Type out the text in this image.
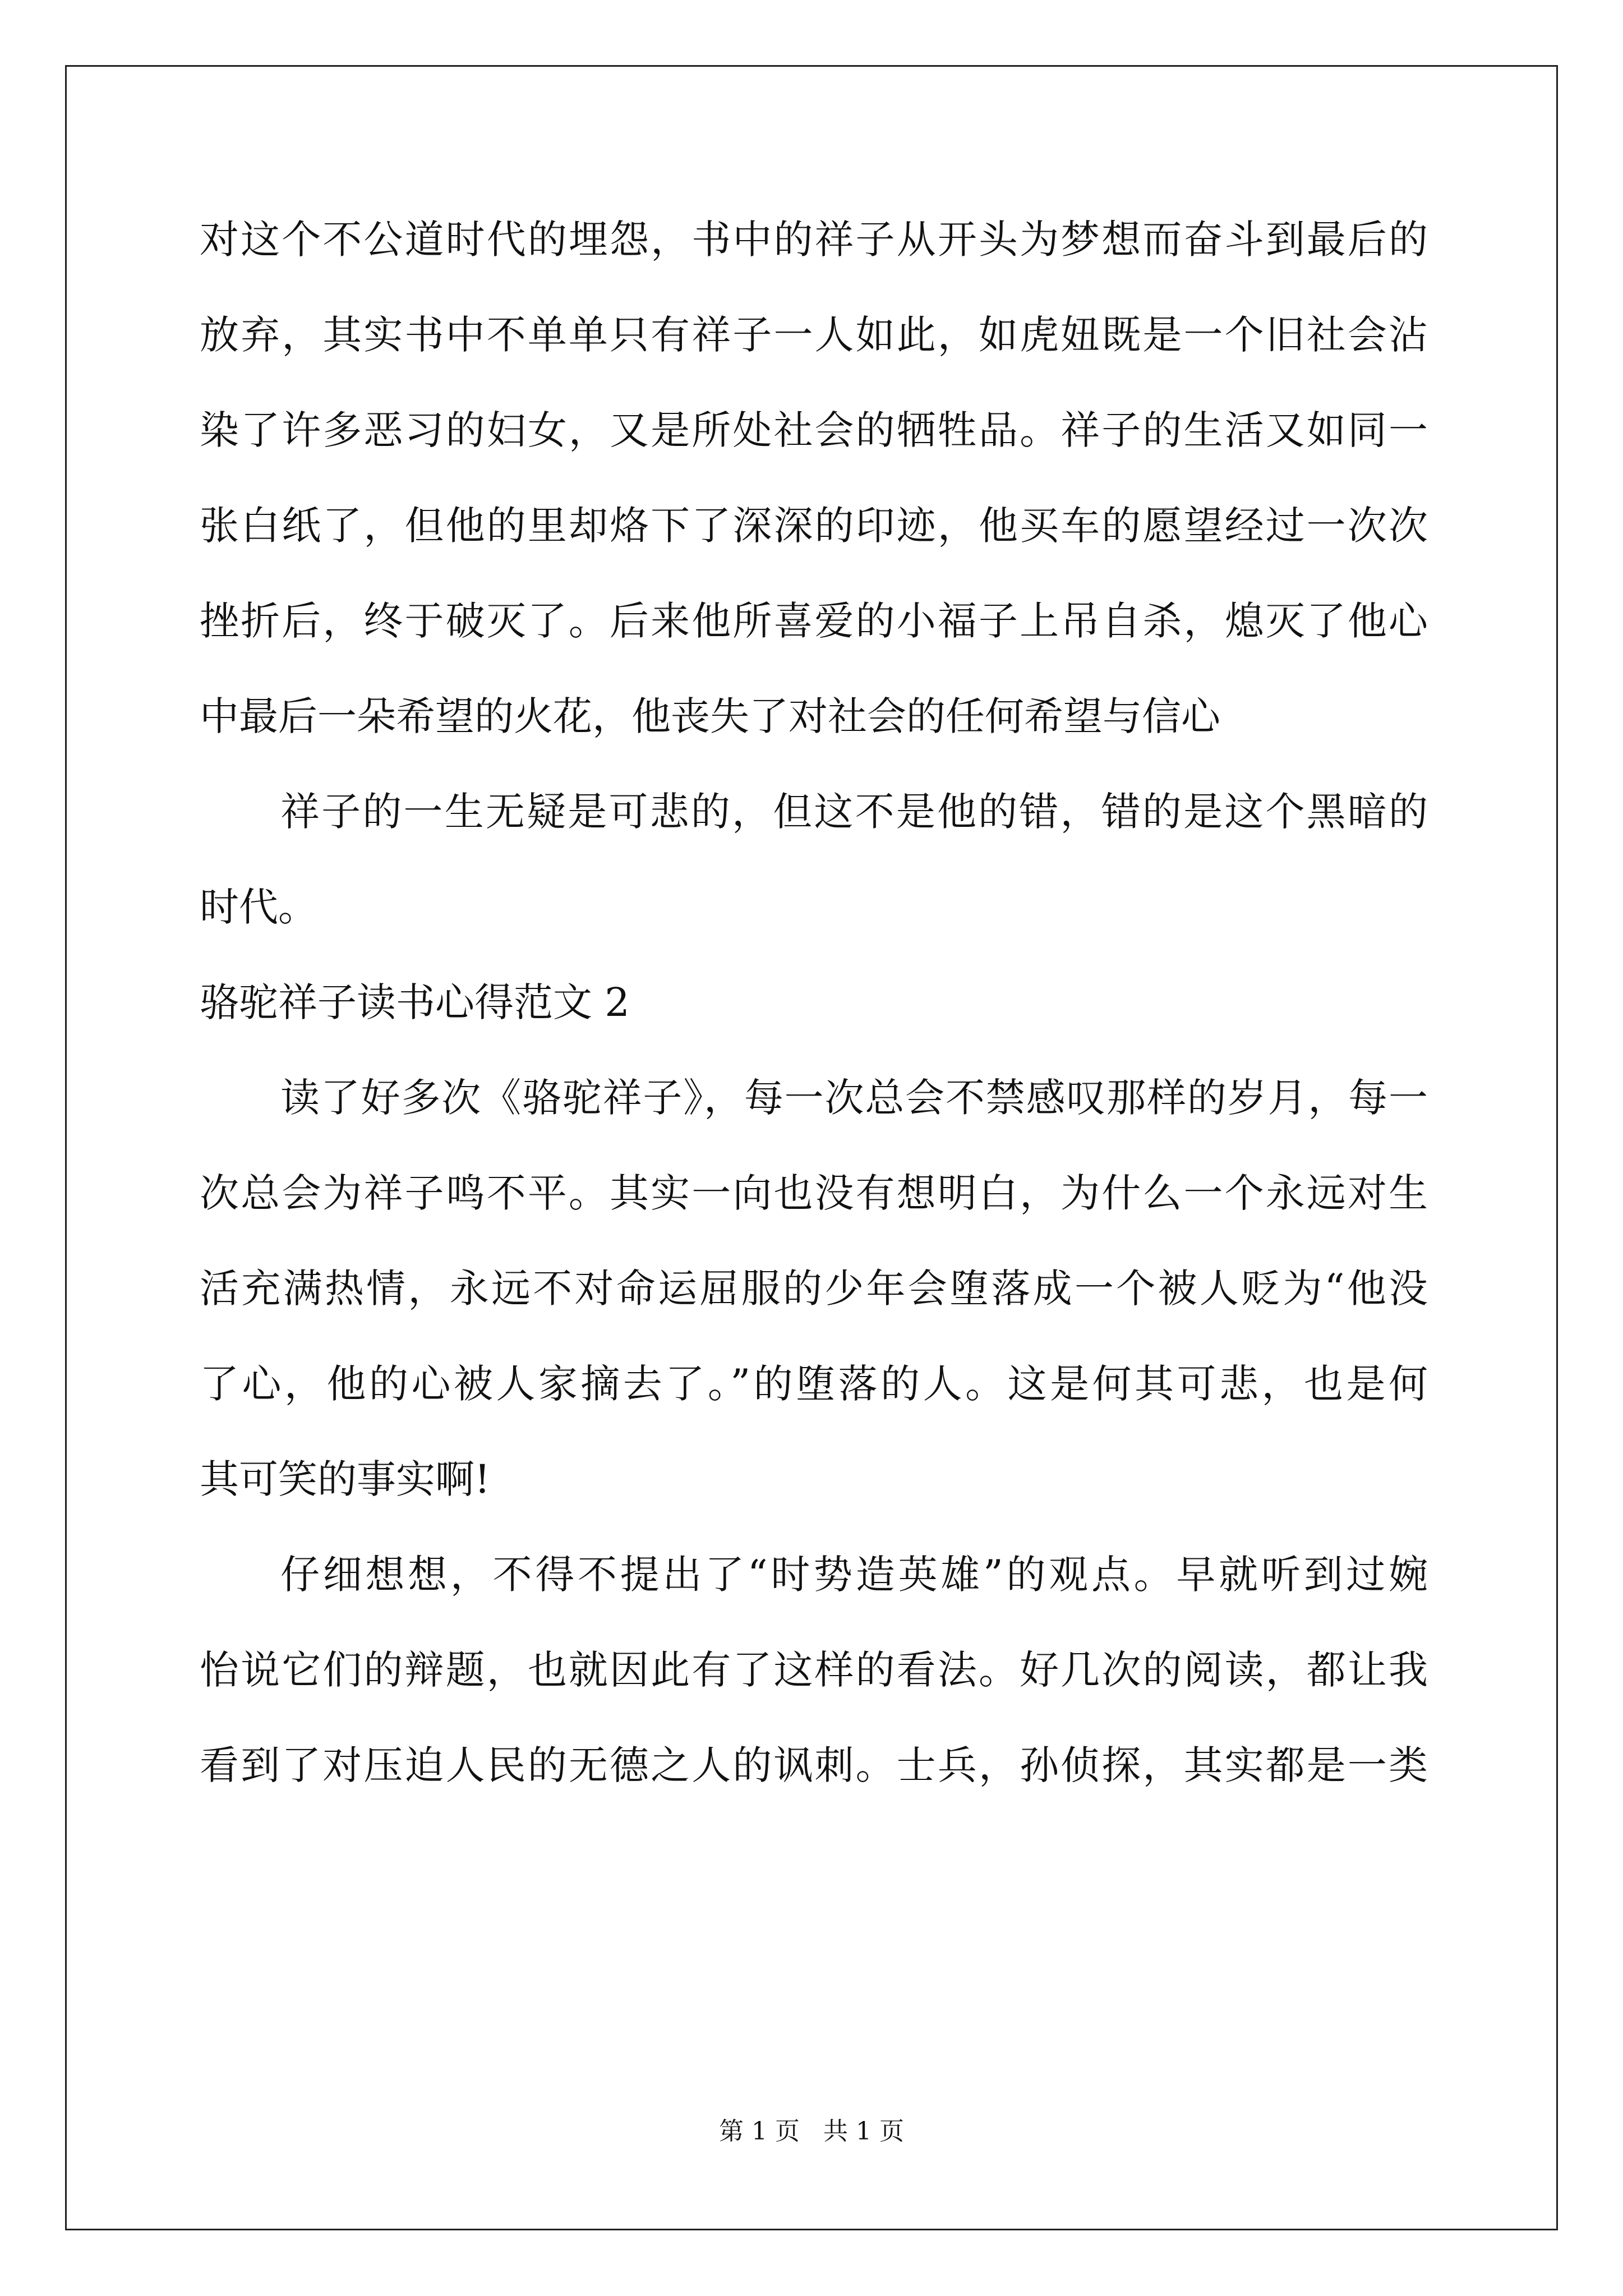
对这个不公道时代的埋怨，书中的祥子从开头为梦想而奋斗到最后的
放弃，其实书中不单单只有祥子一人如此，如虎妞既是一个旧社会沾
染了许多恶习的妇女，又是所处社会的牺牲品。祥子的生活又如同一
张白纸了，但他的里却烙下了深深的印迹，他买车的愿望经过一次次
挫折后，终于破灭了。后来他所喜爱的小福子上吊自杀，熄灭了他心
中最后一朵希望的火花，他丧失了对社会的任何希望与信心
祥子的一生无疑是可悲的，但这不是他的错，错的是这个黑暗的
时代。
骆驼祥子读书心得范文 2
读了好多次《骆驼祥子》，每一次总会不禁感叹那样的岁月，每一
次总会为祥子鸣不平。其实一向也没有想明白，为什么一个永远对生
活充满热情，永远不对命运屈服的少年会堕落成一个被人贬为“他没
了心，他的心被人家摘去了。”的堕落的人。这是何其可悲，也是何
其可笑的事实啊!
仔细想想，不得不提出了“时势造英雄”的观点。早就听到过婉
怡说它们的辩题，也就因此有了这样的看法。好几次的阅读，都让我
看到了对压迫人民的无德之人的讽刺。士兵，孙侦探，其实都是一类
第 1 页 共 1 页
